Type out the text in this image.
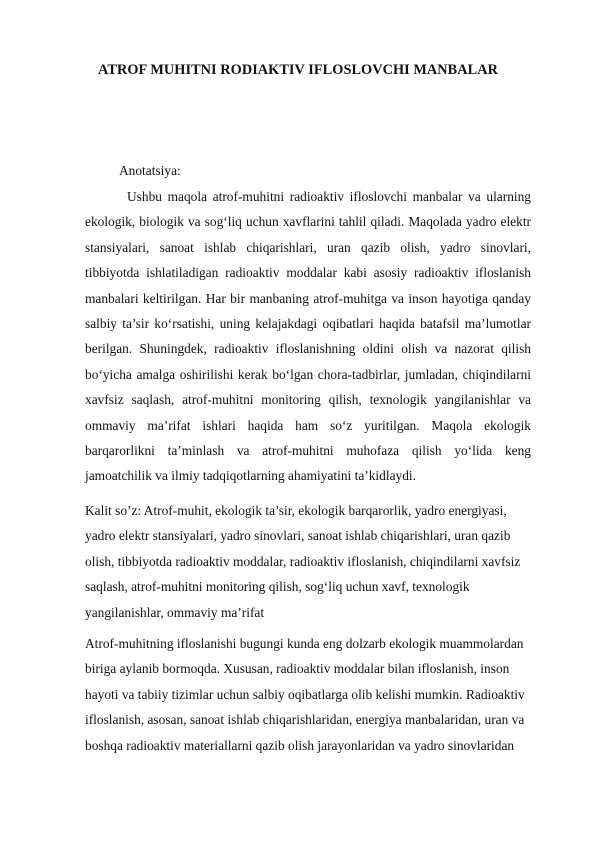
ATROF MUHITNI RODIAKTIV IFLOSLOVCHI MANBALAR
Anotatsiya:

Ushbu maqola atrof-muhitni radioaktiv ifloslovchi manbalar va ularning ekologik, biologik va sog‘liq uchun xavflarini tahlil qiladi. Maqolada yadro elektr stansiyalari, sanoat ishlab chiqarishlari, uran qazib olish, yadro sinovlari, tibbiyotda ishlatiladigan radioaktiv moddalar kabi asosiy radioaktiv ifloslanish manbalari keltirilgan. Har bir manbaning atrof-muhitga va inson hayotiga qanday salbiy ta’sir ko‘rsatishi, uning kelajakdagi oqibatlari haqida batafsil ma’lumotlar berilgan. Shuningdek, radioaktiv ifloslanishning oldini olish va nazorat qilish bo‘yicha amalga oshirilishi kerak bo‘lgan chora-tadbirlar, jumladan, chiqindilarni xavfsiz saqlash, atrof-muhitni monitoring qilish, texnologik yangilanishlar va ommaviy ma’rifat ishlari haqida ham so‘z yuritilgan. Maqola ekologik barqarorlikni ta’minlash va atrof-muhitni muhofaza qilish yo‘lida keng jamoatchilik va ilmiy tadqiqotlarning ahamiyatini ta’kidlaydi.

Kalit so’z: Atrof-muhit, ekologik ta’sir, ekologik barqarorlik, yadro energiyasi, yadro elektr stansiyalari, yadro sinovlari, sanoat ishlab chiqarishlari, uran qazib olish, tibbiyotda radioaktiv moddalar, radioaktiv ifloslanish, chiqindilarni xavfsiz saqlash, atrof-muhitni monitoring qilish, sog‘liq uchun xavf, texnologik yangilanishlar, ommaviy ma’rifat

Atrof-muhitning ifloslanishi bugungi kunda eng dolzarb ekologik muammolardan biriga aylanib bormoqda. Xususan, radioaktiv moddalar bilan ifloslanish, inson hayoti va tabiiy tizimlar uchun salbiy oqibatlarga olib kelishi mumkin. Radioaktiv ifloslanish, asosan, sanoat ishlab chiqarishlaridan, energiya manbalaridan, uran va boshqa radioaktiv materiallarni qazib olish jarayonlaridan va yadro sinovlaridan
